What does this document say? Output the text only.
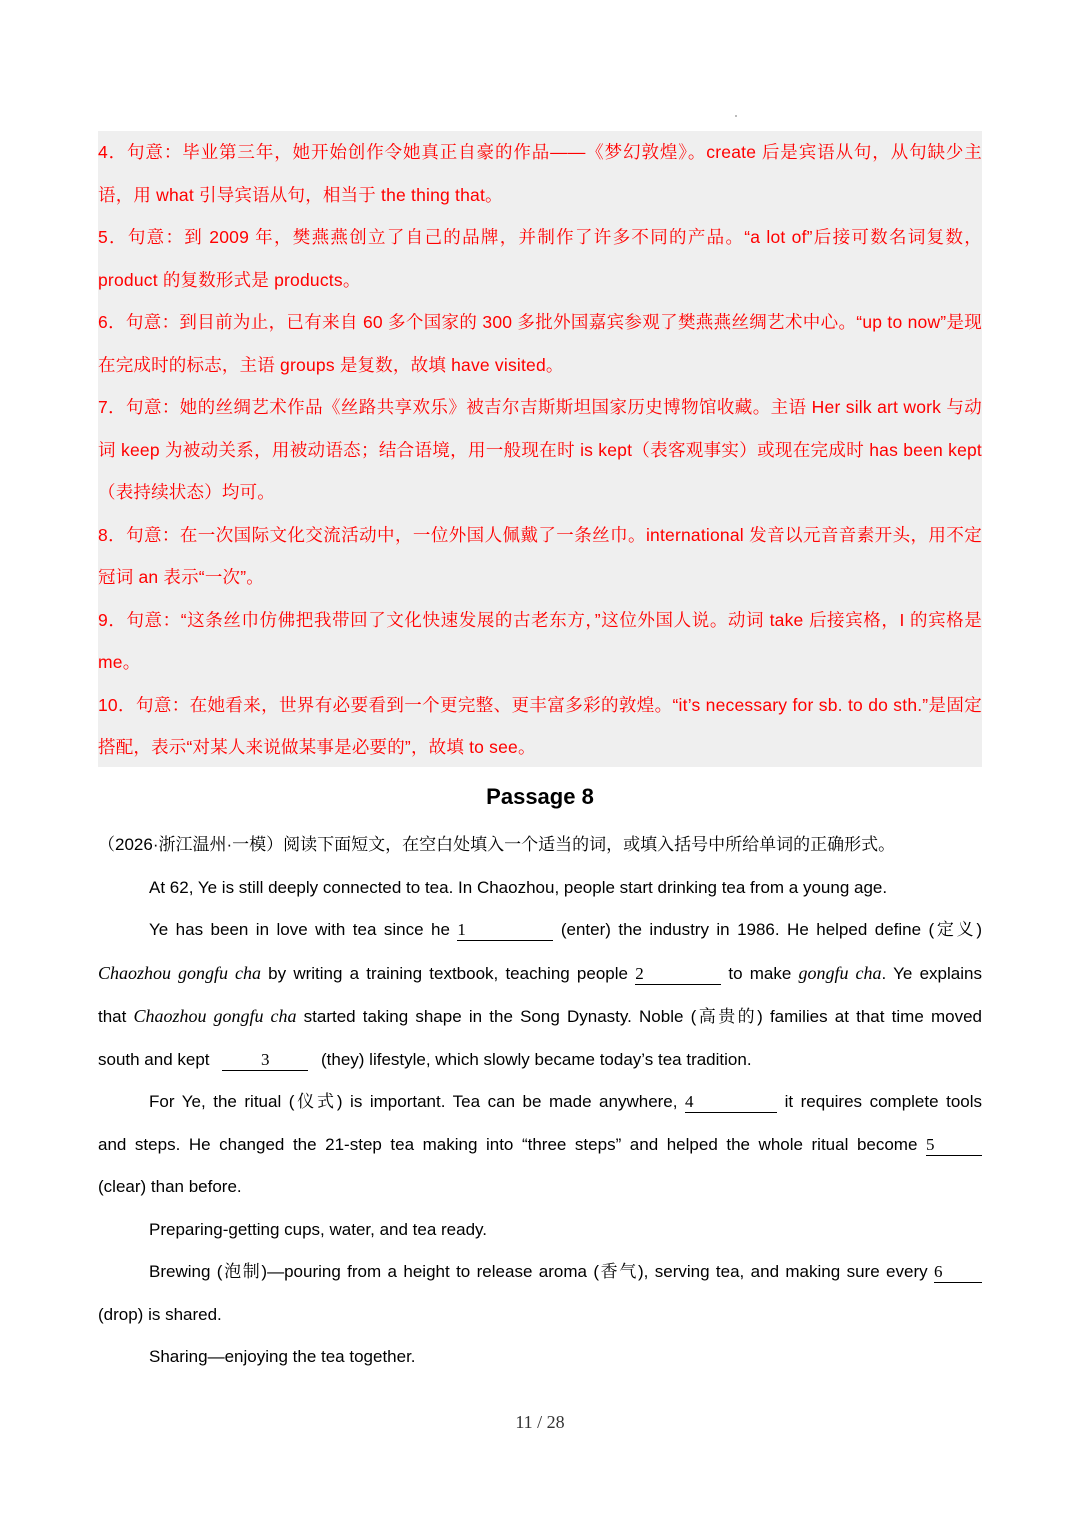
4．句意：毕业第三年，她开始创作令她真正自豪的作品——《梦幻敦煌》。create 后是宾语从句，从句缺少主语，用 what 引导宾语从句，相当于 the thing that。
5．句意：到 2009 年，樊燕燕创立了自己的品牌，并制作了许多不同的产品。“a lot of”后接可数名词复数，product 的复数形式是 products。
6．句意：到目前为止，已有来自 60 多个国家的 300 多批外国嘉宾参观了樊燕燕丝绸艺术中心。“up to now”是现在完成时的标志，主语 groups 是复数，故填 have visited。
7．句意：她的丝绸艺术作品《丝路共享欢乐》被吉尔吉斯斯坦国家历史博物馆收藏。主语 Her silk art work 与动词 keep 为被动关系，用被动语态；结合语境，用一般现在时 is kept（表客观事实）或现在完成时 has been kept（表持续状态）均可。
8．句意：在一次国际文化交流活动中，一位外国人佩戴了一条丝巾。international 发音以元音音素开头，用不定冠词 an 表示“一次”。
9．句意：“这条丝巾仿佛把我带回了文化快速发展的古老东方，”这位外国人说。动词 take 后接宾格，I 的宾格是 me。
10．句意：在她看来，世界有必要看到一个更完整、更丰富多彩的敦煌。“it’s necessary for sb. to do sth.”是固定搭配，表示“对某人来说做某事是必要的”，故填 to see。
Passage 8
（2026·浙江温州·一模）阅读下面短文，在空白处填入一个适当的词，或填入括号中所给单词的正确形式。
At 62, Ye is still deeply connected to tea. In Chaozhou, people start drinking tea from a young age.
Ye has been in love with tea since he 1	(enter) the industry in 1986. He helped define (定义)
Chaozhou gongfu cha by writing a training textbook, teaching people 2	to make gongfu cha. Ye explains
that Chaozhou gongfu cha started taking shape in the Song Dynasty. Noble (高贵的) families at that time moved
south and kept	3	(they) lifestyle, which slowly became today’s tea tradition.
For Ye, the ritual (仪式) is important. Tea can be made anywhere, 4	it requires complete tools
and steps. He changed the 21-step tea making into “three steps” and helped the whole ritual become 5
(clear) than before.
Preparing-getting cups, water, and tea ready.
Brewing (泡制)—pouring from a height to release aroma (香气), serving tea, and making sure every 6
(drop) is shared.
Sharing—enjoying the tea together.
11 / 28
